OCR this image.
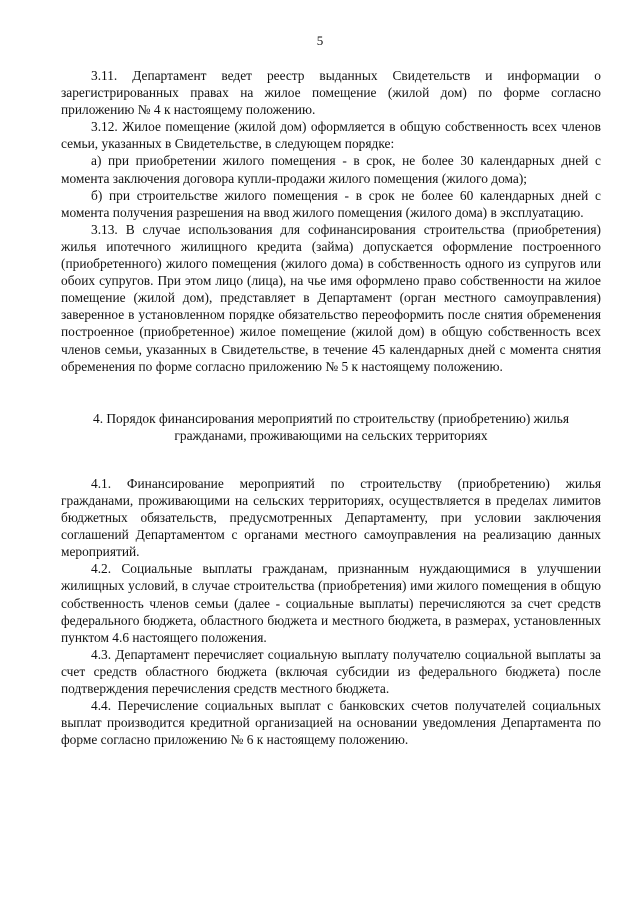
5

3.11. Департамент ведет реестр выданных Свидетельств и информации о зарегистрированных правах на жилое помещение (жилой дом) по форме согласно приложению № 4 к настоящему положению.

3.12. Жилое помещение (жилой дом) оформляется в общую собственность всех членов семьи, указанных в Свидетельстве, в следующем порядке:

а) при приобретении жилого помещения - в срок, не более 30 календарных дней с момента заключения договора купли-продажи жилого помещения (жилого дома);

б) при строительстве жилого помещения - в срок не более 60 календарных дней с момента получения разрешения на ввод жилого помещения (жилого дома) в эксплуатацию.

3.13. В случае использования для софинансирования строительства (приобретения) жилья ипотечного жилищного кредита (займа) допускается оформление построенного (приобретенного) жилого помещения (жилого дома) в собственность одного из супругов или обоих супругов. При этом лицо (лица), на чье имя оформлено право собственности на жилое помещение (жилой дом), представляет в Департамент (орган местного самоуправления) заверенное в установленном порядке обязательство переоформить после снятия обременения построенное (приобретенное) жилое помещение (жилой дом) в общую собственность всех членов семьи, указанных в Свидетельстве, в течение 45 календарных дней с момента снятия обременения по форме согласно приложению № 5 к настоящему положению.

4. Порядок финансирования мероприятий по строительству (приобретению) жилья гражданами, проживающими на сельских территориях

4.1. Финансирование мероприятий по строительству (приобретению) жилья гражданами, проживающими на сельских территориях, осуществляется в пределах лимитов бюджетных обязательств, предусмотренных Департаменту, при условии заключения соглашений Департаментом с органами местного самоуправления на реализацию данных мероприятий.

4.2. Социальные выплаты гражданам, признанным нуждающимися в улучшении жилищных условий, в случае строительства (приобретения) ими жилого помещения в общую собственность членов семьи (далее - социальные выплаты) перечисляются за счет средств федерального бюджета, областного бюджета и местного бюджета, в размерах, установленных пунктом 4.6 настоящего положения.

4.3. Департамент перечисляет социальную выплату получателю социальной выплаты за счет средств областного бюджета (включая субсидии из федерального бюджета) после подтверждения перечисления средств местного бюджета.

4.4. Перечисление социальных выплат с банковских счетов получателей социальных выплат производится кредитной организацией на основании уведомления Департамента по форме согласно приложению № 6 к настоящему положению.
